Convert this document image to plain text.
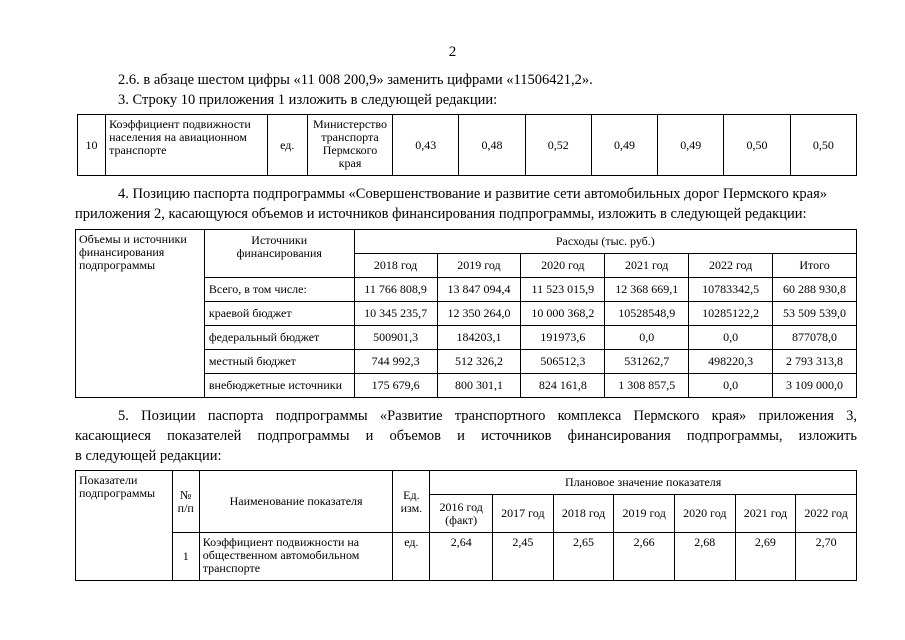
2
2.6. в абзаце шестом цифры «11 008 200,9» заменить цифрами «11506421,2».
3. Строку 10 приложения 1 изложить в следующей редакции:
10	Коэффициент подвижности населения на авиационном транспорте	ед.	Министерство транспорта Пермского края	0,43	0,48	0,52	0,49	0,49	0,50	0,50
4. Позицию паспорта подпрограммы «Совершенствование и развитие сети автомобильных дорог Пермского края»
приложения 2, касающуюся объемов и источников финансирования подпрограммы, изложить в следующей редакции:
Объемы и источники финансирования подпрограммы	Источники финансирования	Расходы (тыс. руб.)					
		2018 год	2019 год	2020 год	2021 год	2022 год	Итого
	Всего, в том числе:	11 766 808,9	13 847 094,4	11 523 015,9	12 368 669,1	10783342,5	60 288 930,8
	краевой бюджет	10 345 235,7	12 350 264,0	10 000 368,2	10528548,9	10285122,2	53 509 539,0
	федеральный бюджет	500901,3	184203,1	191973,6	0,0	0,0	877078,0
	местный бюджет	744 992,3	512 326,2	506512,3	531262,7	498220,3	2 793 313,8
	внебюджетные источники	175 679,6	800 301,1	824 161,8	1 308 857,5	0,0	3 109 000,0
5. Позиции паспорта подпрограммы «Развитие транспортного комплекса Пермского края» приложения 3,
касающиеся показателей подпрограммы и объемов и источников финансирования подпрограммы, изложить
в следующей редакции:
Показатели подпрограммы	№ п/п	Наименование показателя	Ед. изм.	Плановое значение показателя						
				2016 год (факт)	2017 год	2018 год	2019 год	2020 год	2021 год	2022 год
	1	Коэффициент подвижности на общественном автомобильном транспорте	ед.	2,64	2,45	2,65	2,66	2,68	2,69	2,70
